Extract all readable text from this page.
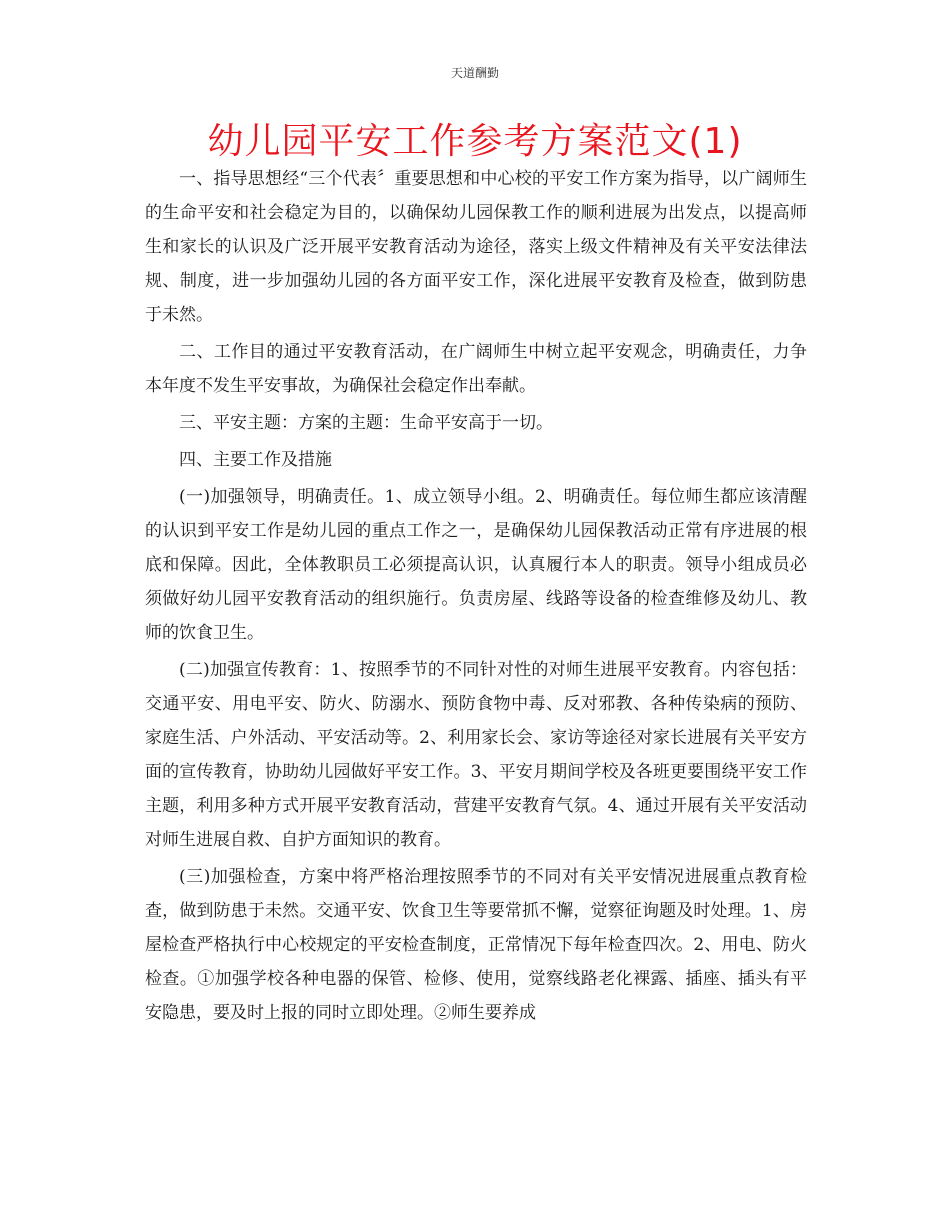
天道酬勤
幼儿园平安工作参考方案范文(1)

一、指导思想经“三个代表〞重要思想和中心校的平安工作方案为指导，以广阔师生的生命平安和社会稳定为目的，以确保幼儿园保教工作的顺利进展为出发点，以提高师生和家长的认识及广泛开展平安教育活动为途径，落实上级文件精神及有关平安法律法规、制度，进一步加强幼儿园的各方面平安工作，深化进展平安教育及检查，做到防患于未然。

二、工作目的通过平安教育活动，在广阔师生中树立起平安观念，明确责任，力争本年度不发生平安事故，为确保社会稳定作出奉献。

三、平安主题：方案的主题：生命平安高于一切。

四、主要工作及措施

(一)加强领导，明确责任。1、成立领导小组。2、明确责任。每位师生都应该清醒的认识到平安工作是幼儿园的重点工作之一，是确保幼儿园保教活动正常有序进展的根底和保障。因此，全体教职员工必须提高认识，认真履行本人的职责。领导小组成员必须做好幼儿园平安教育活动的组织施行。负责房屋、线路等设备的检查维修及幼儿、教师的饮食卫生。

(二)加强宣传教育：1、按照季节的不同针对性的对师生进展平安教育。内容包括：交通平安、用电平安、防火、防溺水、预防食物中毒、反对邪教、各种传染病的预防、家庭生活、户外活动、平安活动等。2、利用家长会、家访等途径对家长进展有关平安方面的宣传教育，协助幼儿园做好平安工作。3、平安月期间学校及各班更要围绕平安工作主题，利用多种方式开展平安教育活动，营建平安教育气氛。4、通过开展有关平安活动对师生进展自救、自护方面知识的教育。

(三)加强检查，方案中将严格治理按照季节的不同对有关平安情况进展重点教育检查，做到防患于未然。交通平安、饮食卫生等要常抓不懈，觉察征询题及时处理。1、房屋检查严格执行中心校规定的平安检查制度，正常情况下每年检查四次。2、用电、防火检查。①加强学校各种电器的保管、检修、使用，觉察线路老化裸露、插座、插头有平安隐患，要及时上报的同时立即处理。②师生要养成
